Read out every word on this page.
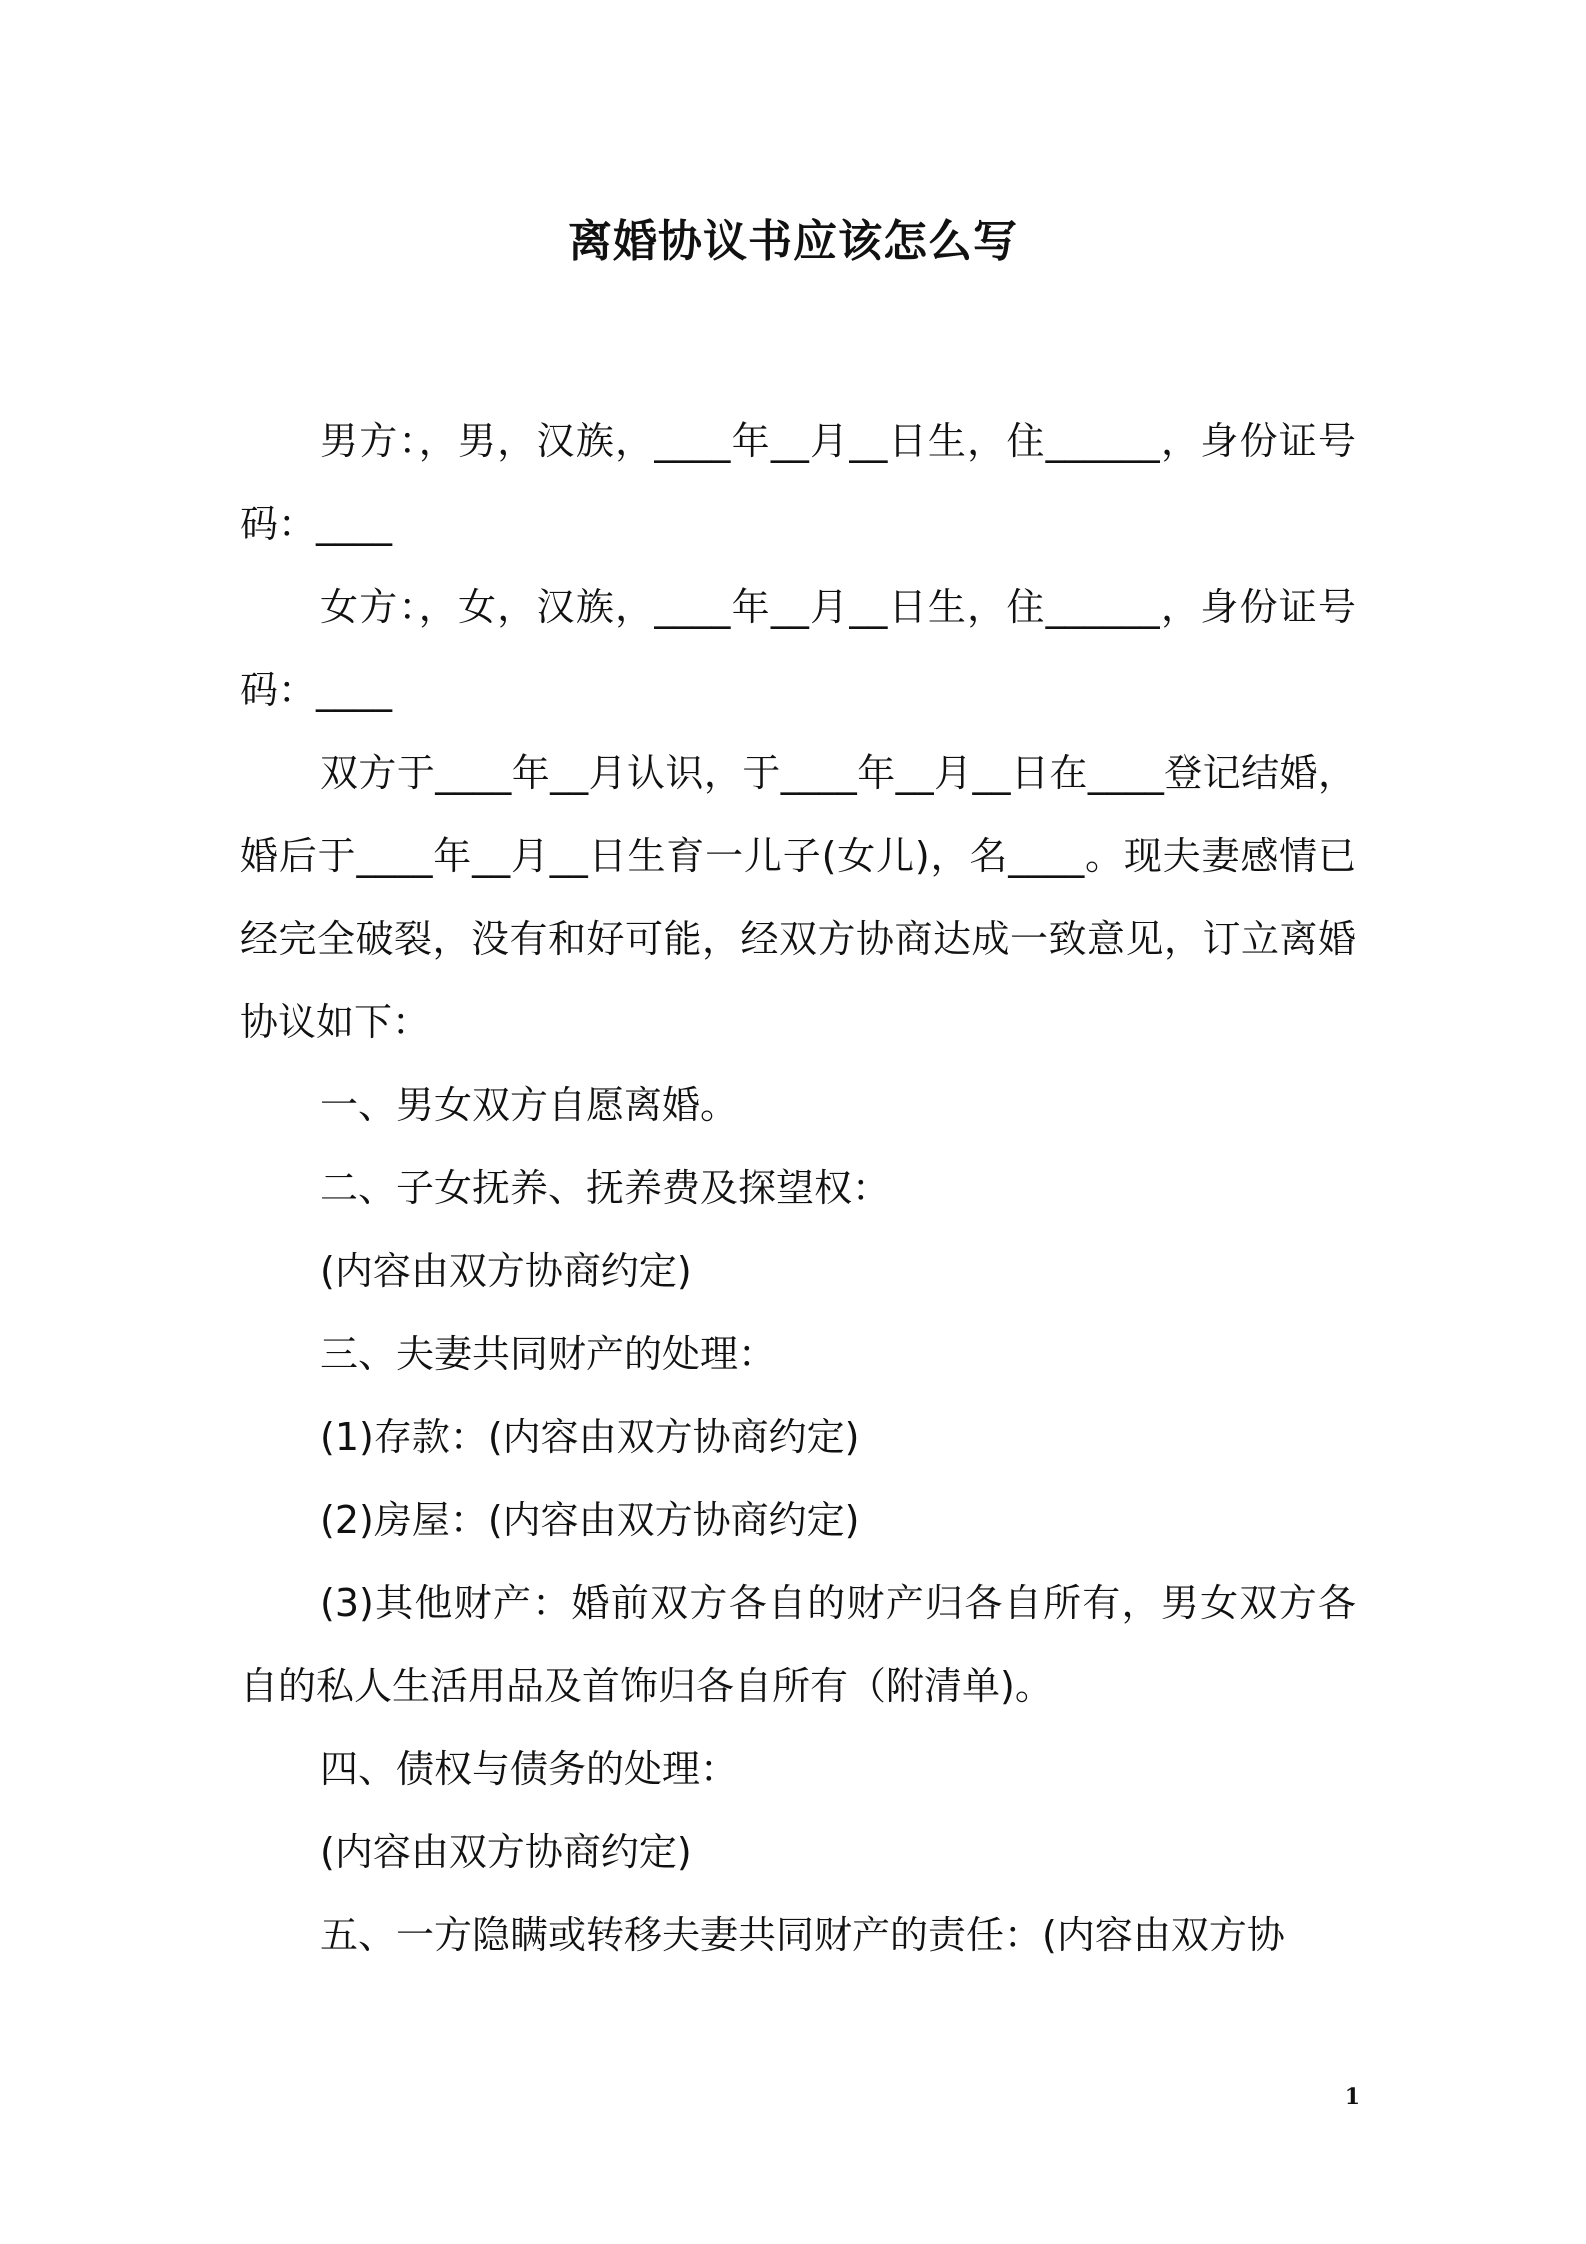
离婚协议书应该怎么写

男方：，男，汉族，____年__月__日生，住______，身份证号码：____

女方：，女，汉族，____年__月__日生，住______，身份证号码：____

双方于____年__月认识，于____年__月__日在____登记结婚，婚后于____年__月__日生育一儿子(女儿)，名____。现夫妻感情已经完全破裂，没有和好可能，经双方协商达成一致意见，订立离婚协议如下：

一、男女双方自愿离婚。

二、子女抚养、抚养费及探望权：

(内容由双方协商约定)

三、夫妻共同财产的处理：

(1)存款：(内容由双方协商约定)

(2)房屋：(内容由双方协商约定)

(3)其他财产：婚前双方各自的财产归各自所有，男女双方各自的私人生活用品及首饰归各自所有（附清单)。

四、债权与债务的处理：

(内容由双方协商约定)

五、一方隐瞒或转移夫妻共同财产的责任：(内容由双方协

1
